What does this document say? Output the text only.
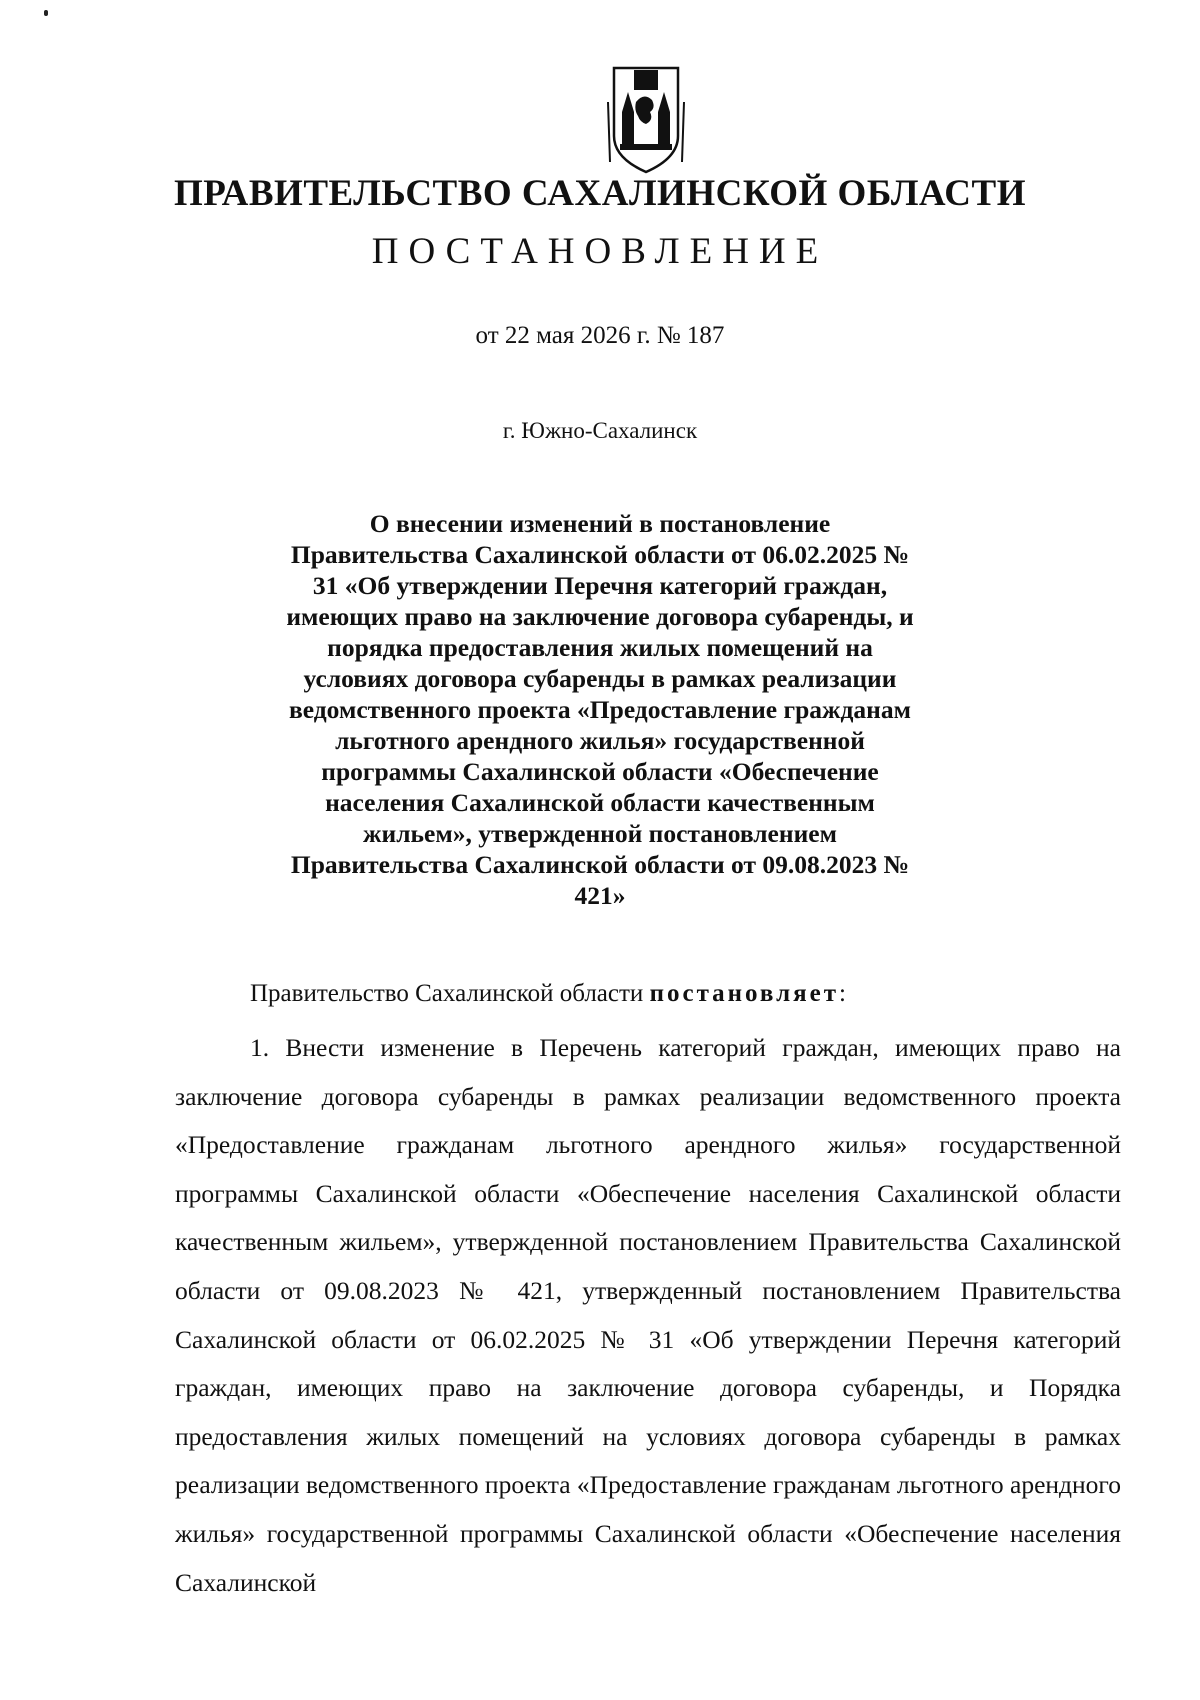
ПРАВИТЕЛЬСТВО САХАЛИНСКОЙ ОБЛАСТИ
ПОСТАНОВЛЕНИЕ
от 22 мая 2026 г. № 187
г. Южно-Сахалинск
О внесении изменений в постановление Правительства Сахалинской области от 06.02.2025 № 31 «Об утверждении Перечня категорий граждан, имеющих право на заключение договора субаренды, и порядка предоставления жилых помещений на условиях договора субаренды в рамках реализации ведомственного проекта «Предоставление гражданам льготного арендного жилья» государственной программы Сахалинской области «Обеспечение населения Сахалинской области качественным жильем», утвержденной постановлением Правительства Сахалинской области от 09.08.2023 № 421»
Правительство Сахалинской области постановляет:
1. Внести изменение в Перечень категорий граждан, имеющих право на заключение договора субаренды в рамках реализации ведомственного проекта «Предоставление гражданам льготного арендного жилья» государственной программы Сахалинской области «Обеспечение населения Сахалинской области качественным жильем», утвержденной постановлением Правительства Сахалинской области от 09.08.2023 № 421, утвержденный постановлением Правительства Сахалинской области от 06.02.2025 № 31 «Об утверждении Перечня категорий граждан, имеющих право на заключение договора субаренды, и Порядка предоставления жилых помещений на условиях договора субаренды в рамках реализации ведомственного проекта «Предоставление гражданам льготного арендного жилья» государственной программы Сахалинской области «Обеспечение населения Сахалинской
